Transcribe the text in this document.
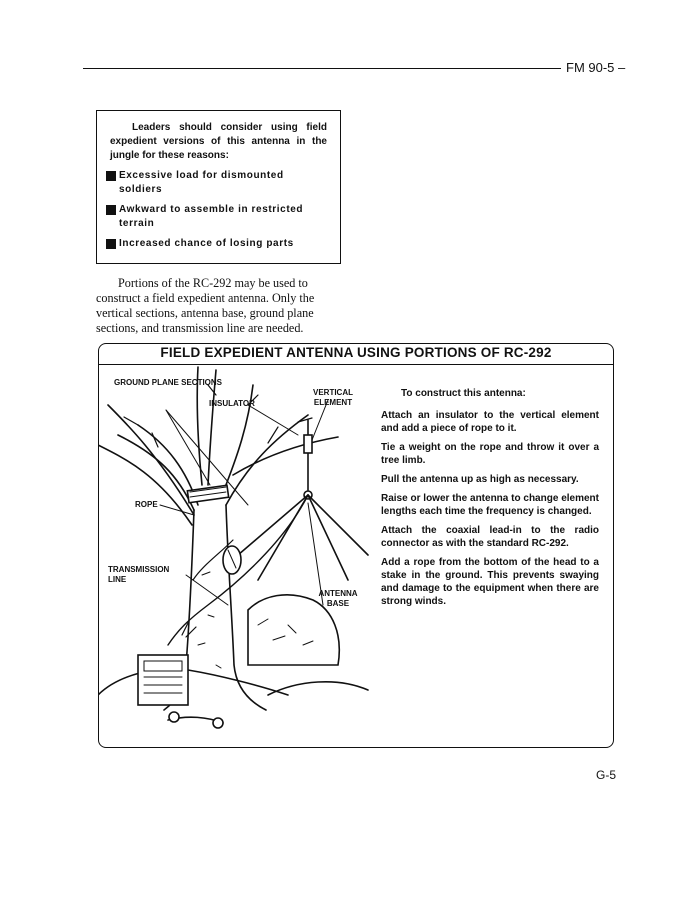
FM 90-5 –

Leaders should consider using field expedient versions of this antenna in the jungle for these reasons:

Excessive load for dismounted soldiers
Awkward to assemble in restricted terrain
Increased chance of losing parts
Portions of the RC-292 may be used to
construct a field expedient antenna. Only the
vertical sections, antenna base, ground plane
sections, and transmission line are needed.
FIELD EXPEDIENT ANTENNA USING PORTIONS OF RC-292
GROUND PLANE SECTIONS
INSULATOR
VERTICAL ELEMENT
ROPE
TRANSMISSION LINE
ANTENNA BASE
To construct this antenna:
Attach an insulator to the vertical element and add a piece of rope to it.
Tie a weight on the rope and throw it over a tree limb.
Pull the antenna up as high as necessary.
Raise or lower the antenna to change element lengths each time the frequency is changed.
Attach the coaxial lead-in to the radio connector as with the standard RC-292.
Add a rope from the bottom of the head to a stake in the ground. This prevents swaying and damage to the equipment when there are strong winds.
G-5
